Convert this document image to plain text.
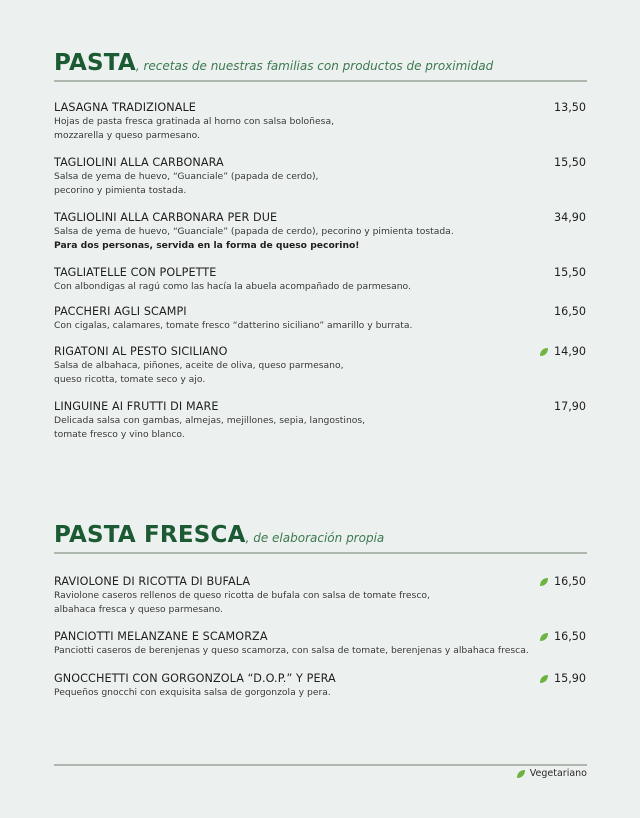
PASTA, recetas de nuestras familias con productos de proximidad
PASTA FRESCA, de elaboración propia
LASAGNA TRADIZIONALE
Hojas de pasta fresca gratinada al horno con salsa boloñesa,
mozzarella y queso parmesano.
13,50
TAGLIOLINI ALLA CARBONARA
Salsa de yema de huevo, “Guanciale” (papada de cerdo),
pecorino y pimienta tostada.
15,50
TAGLIOLINI ALLA CARBONARA PER DUE
Salsa de yema de huevo, “Guanciale” (papada de cerdo), pecorino y pimienta tostada.
Para dos personas, servida en la forma de queso pecorino!
34,90
TAGLIATELLE CON POLPETTE
Con albondigas al ragú como las hacía la abuela acompañado de parmesano.
15,50
PACCHERI AGLI SCAMPI
Con cigalas, calamares, tomate fresco “datterino siciliano” amarillo y burrata.
16,50
RIGATONI AL PESTO SICILIANO
Salsa de albahaca, piñones, aceite de oliva, queso parmesano,
queso ricotta, tomate seco y ajo.
14,90
LINGUINE AI FRUTTI DI MARE
Delicada salsa con gambas, almejas, mejillones, sepia, langostinos,
tomate fresco y vino blanco.
17,90
RAVIOLONE DI RICOTTA DI BUFALA
Raviolone caseros rellenos de queso ricotta de bufala con salsa de tomate fresco,
albahaca fresca y queso parmesano.
16,50
PANCIOTTI MELANZANE E SCAMORZA
Panciotti caseros de berenjenas y queso scamorza, con salsa de tomate, berenjenas y albahaca fresca.
16,50
GNOCCHETTI CON GORGONZOLA “D.O.P.” Y PERA
Pequeños gnocchi con exquisita salsa de gorgonzola y pera.
15,90
Vegetariano
